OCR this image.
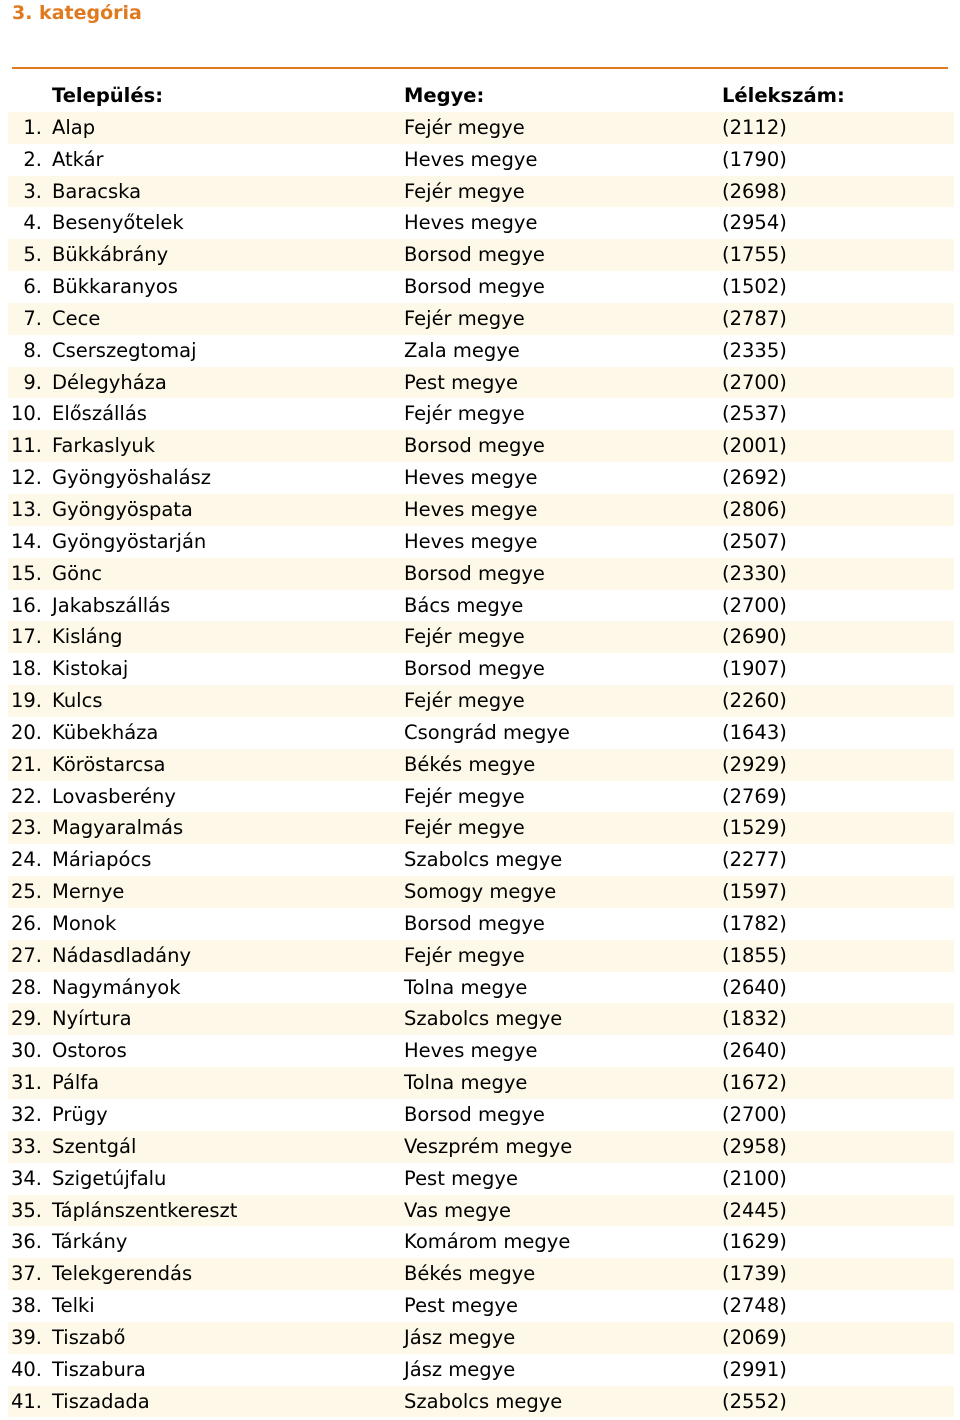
3. kategória
Település:	Megye:	Lélekszám:
1. Alap	Fejér megye	(2112)
2. Atkár	Heves megye	(1790)
3. Baracska	Fejér megye	(2698)
4. Besenyőtelek	Heves megye	(2954)
5. Bükkábrány	Borsod megye	(1755)
6. Bükkaranyos	Borsod megye	(1502)
7. Cece	Fejér megye	(2787)
8. Cserszegtomaj	Zala megye	(2335)
9. Délegyháza	Pest megye	(2700)
10. Előszállás	Fejér megye	(2537)
11. Farkaslyuk	Borsod megye	(2001)
12. Gyöngyöshalász	Heves megye	(2692)
13. Gyöngyöspata	Heves megye	(2806)
14. Gyöngyöstarján	Heves megye	(2507)
15. Gönc	Borsod megye	(2330)
16. Jakabszállás	Bács megye	(2700)
17. Kisláng	Fejér megye	(2690)
18. Kistokaj	Borsod megye	(1907)
19. Kulcs	Fejér megye	(2260)
20. Kübekháza	Csongrád megye	(1643)
21. Köröstarcsa	Békés megye	(2929)
22. Lovasberény	Fejér megye	(2769)
23. Magyaralmás	Fejér megye	(1529)
24. Máriapócs	Szabolcs megye	(2277)
25. Mernye	Somogy megye	(1597)
26. Monok	Borsod megye	(1782)
27. Nádasdladány	Fejér megye	(1855)
28. Nagymányok	Tolna megye	(2640)
29. Nyírtura	Szabolcs megye	(1832)
30. Ostoros	Heves megye	(2640)
31. Pálfa	Tolna megye	(1672)
32. Prügy	Borsod megye	(2700)
33. Szentgál	Veszprém megye	(2958)
34. Szigetújfalu	Pest megye	(2100)
35. Táplánszentkereszt	Vas megye	(2445)
36. Tárkány	Komárom megye	(1629)
37. Telekgerendás	Békés megye	(1739)
38. Telki	Pest megye	(2748)
39. Tiszabő	Jász megye	(2069)
40. Tiszabura	Jász megye	(2991)
41. Tiszadada	Szabolcs megye	(2552)
